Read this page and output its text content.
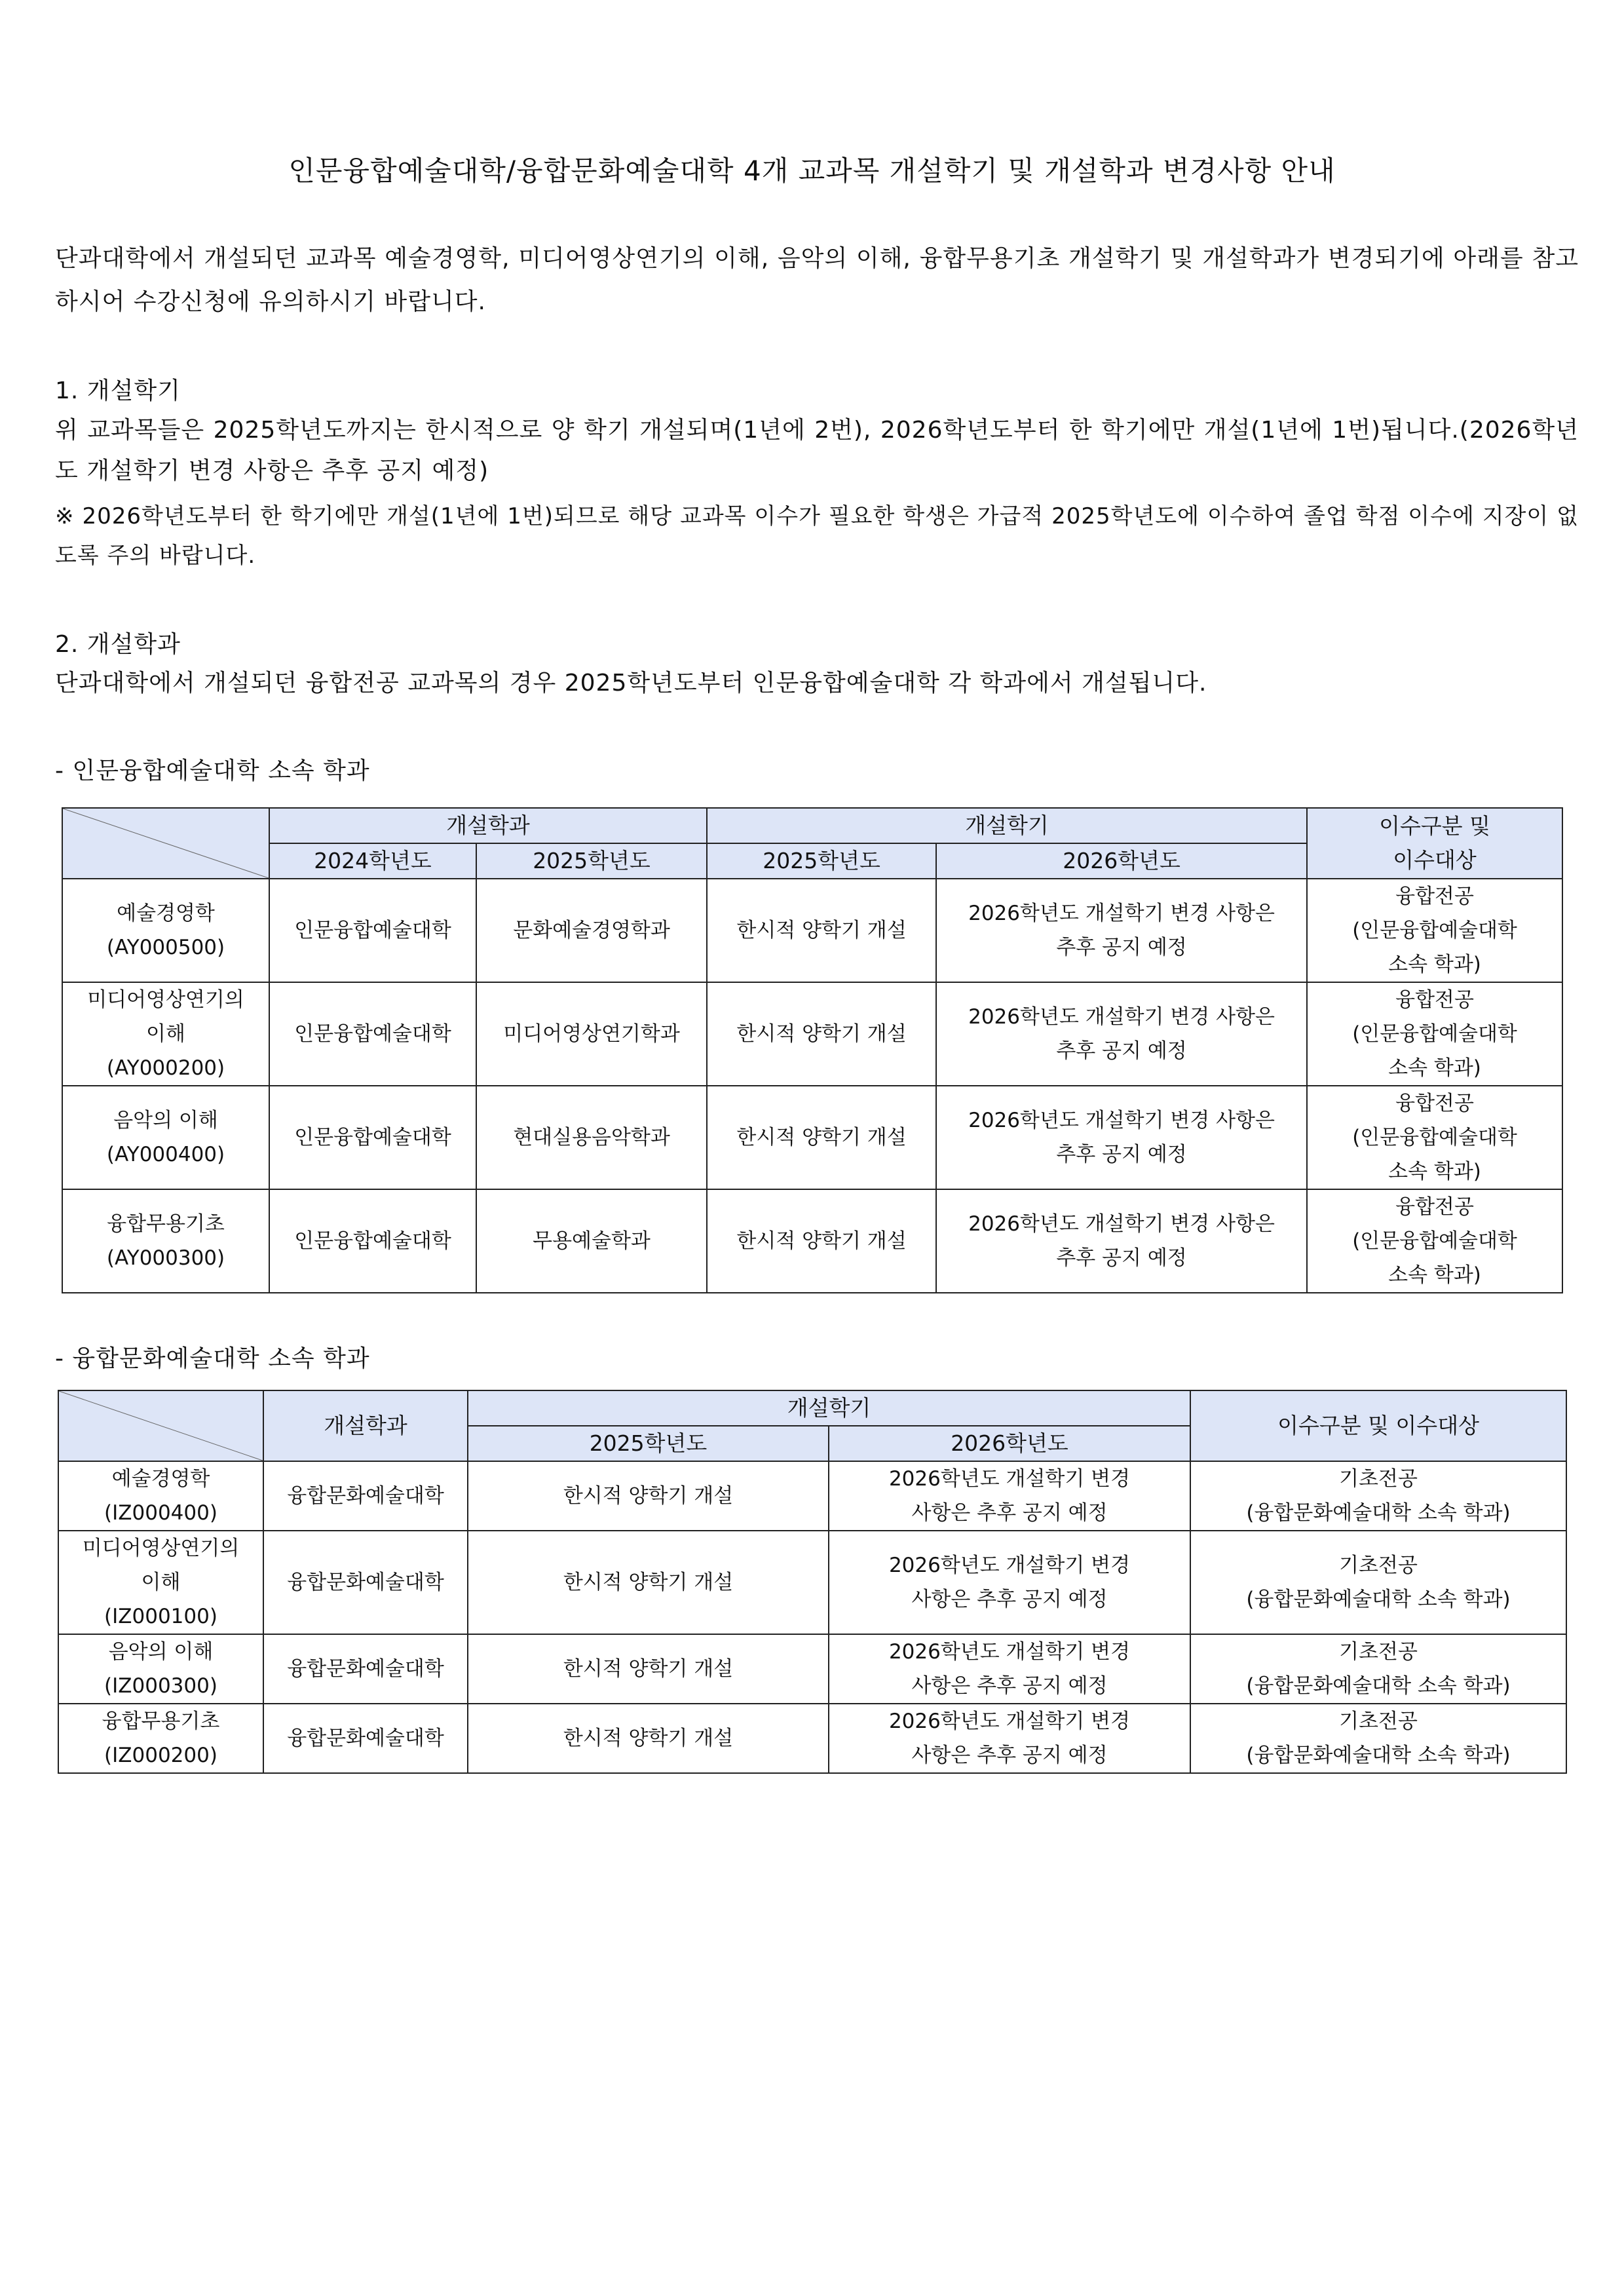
인문융합예술대학/융합문화예술대학 4개 교과목 개설학기 및 개설학과 변경사항 안내
단과대학에서 개설되던 교과목 예술경영학, 미디어영상연기의 이해, 음악의 이해, 융합무용기초 개설학기 및 개설학과가 변경되기에 아래를 참고하시어 수강신청에 유의하시기 바랍니다.
1. 개설학기
위 교과목들은 2025학년도까지는 한시적으로 양 학기 개설되며(1년에 2번), 2026학년도부터 한 학기에만 개설(1년에 1번)됩니다.(2026학년도 개설학기 변경 사항은 추후 공지 예정)
※ 2026학년도부터 한 학기에만 개설(1년에 1번)되므로 해당 교과목 이수가 필요한 학생은 가급적 2025학년도에 이수하여 졸업 학점 이수에 지장이 없도록 주의 바랍니다.
2. 개설학과
단과대학에서 개설되던 융합전공 교과목의 경우 2025학년도부터 인문융합예술대학 각 학과에서 개설됩니다.
- 인문융합예술대학 소속 학과
	개설학과		개설학기		이수구분 및
이수대상

	2024학년도	2025학년도	2025학년도	2026학년도	

예술경영학
(AY000500)	인문융합예술대학	문화예술경영학과	한시적 양학기 개설	2026학년도 개설학기 변경 사항은
추후 공지 예정	융합전공
(인문융합예술대학
소속 학과)

미디어영상연기의
이해
(AY000200)	인문융합예술대학	미디어영상연기학과	한시적 양학기 개설	2026학년도 개설학기 변경 사항은
추후 공지 예정	융합전공
(인문융합예술대학
소속 학과)

음악의 이해
(AY000400)	인문융합예술대학	현대실용음악학과	한시적 양학기 개설	2026학년도 개설학기 변경 사항은
추후 공지 예정	융합전공
(인문융합예술대학
소속 학과)

융합무용기초
(AY000300)	인문융합예술대학	무용예술학과	한시적 양학기 개설	2026학년도 개설학기 변경 사항은
추후 공지 예정	융합전공
(인문융합예술대학
소속 학과)
- 융합문화예술대학 소속 학과
	개설학과	개설학기		이수구분 및 이수대상
		2025학년도	2026학년도	

예술경영학
(IZ000400)	융합문화예술대학	한시적 양학기 개설	2026학년도 개설학기 변경
사항은 추후 공지 예정	기초전공
(융합문화예술대학 소속 학과)

미디어영상연기의
이해
(IZ000100)	융합문화예술대학	한시적 양학기 개설	2026학년도 개설학기 변경
사항은 추후 공지 예정	기초전공
(융합문화예술대학 소속 학과)

음악의 이해
(IZ000300)	융합문화예술대학	한시적 양학기 개설	2026학년도 개설학기 변경
사항은 추후 공지 예정	기초전공
(융합문화예술대학 소속 학과)

융합무용기초
(IZ000200)	융합문화예술대학	한시적 양학기 개설	2026학년도 개설학기 변경
사항은 추후 공지 예정	기초전공
(융합문화예술대학 소속 학과)
